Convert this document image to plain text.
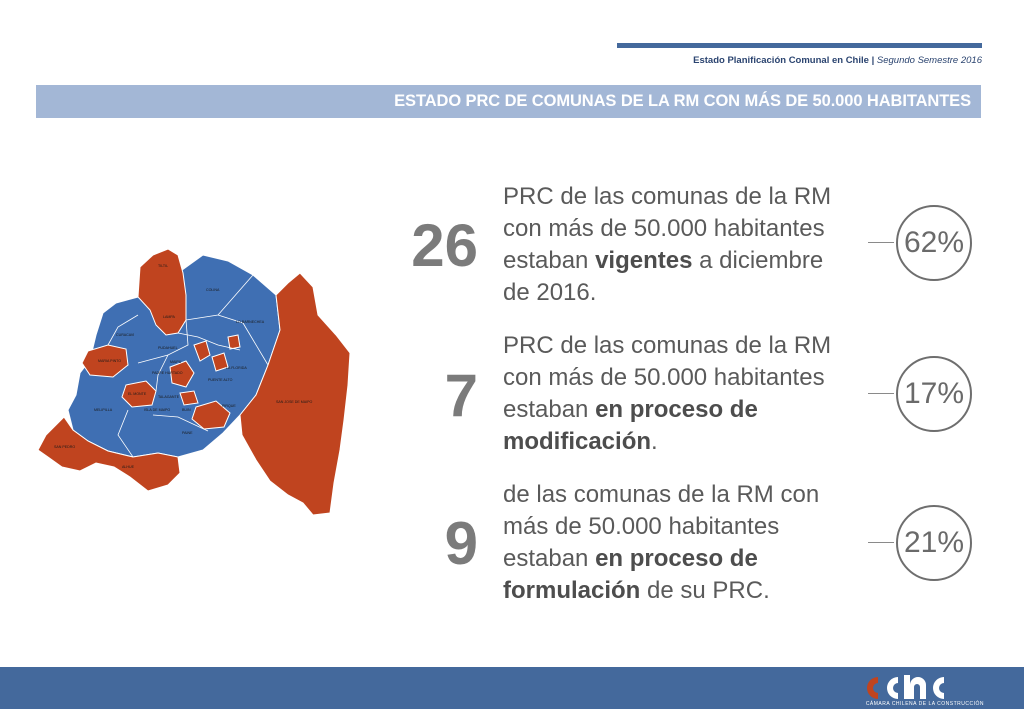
Estado Planificación Comunal en Chile | Segundo Semestre 2016
ESTADO PRC DE COMUNAS DE LA RM CON MÁS DE 50.000 HABITANTES
TILTIL
COLINA
LAMPA
LO BARNECHEA
CURACAVI
MARIA PINTO
EL MONTE
TALAGANTE
MELIPILLA
SAN PEDRO
ALHUE
BUIN
PAINE
PIRQUE
SAN JOSE DE MAIPO
ISLA DE MAIPO
PADRE HURTADO
MAIPU
PUDAHUEL
LA FLORIDA
PUENTE ALTO
26
PRC de las comunas de la RM con más de 50.000 habitantes estaban vigentes a diciembre de 2016.
62%
7
PRC de las comunas de la RM con más de 50.000 habitantes estaban en proceso de modificación.
17%
9
de las comunas de la RM con más de 50.000 habitantes estaban en proceso de formulación de su PRC.
21%
CÁMARA CHILENA DE LA CONSTRUCCIÓN
